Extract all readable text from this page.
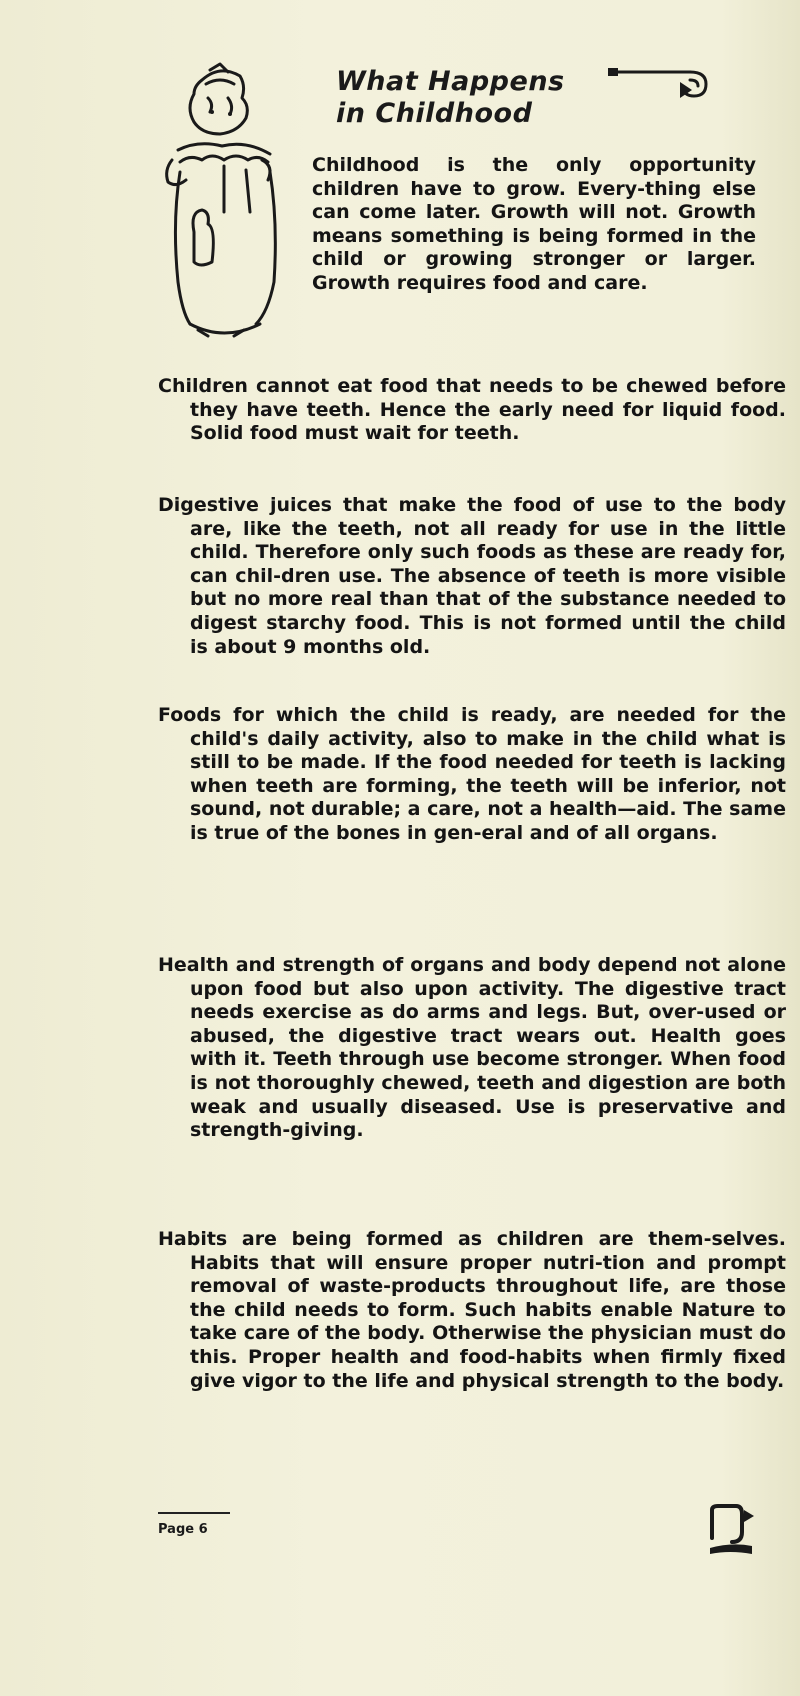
What Happens

in Childhood

Childhood is the only opportunity children have to grow. Every-thing else can come later. Growth will not. Growth means something is being formed in the child or growing stronger or larger. Growth requires food and care.

Children cannot eat food that needs to be chewed before they have teeth. Hence the early need for liquid food. Solid food must wait for teeth.

Digestive juices that make the food of use to the body are, like the teeth, not all ready for use in the little child. Therefore only such foods as these are ready for, can chil-dren use. The absence of teeth is more visible but no more real than that of the substance needed to digest starchy food. This is not formed until the child is about 9 months old.

Foods for which the child is ready, are needed for the child's daily activity, also to make in the child what is still to be made. If the food needed for teeth is lacking when teeth are forming, the teeth will be inferior, not sound, not durable; a care, not a health—aid. The same is true of the bones in gen-eral and of all organs.

Health and strength of organs and body depend not alone upon food but also upon activity. The digestive tract needs exercise as do arms and legs. But, over-used or abused, the digestive tract wears out. Health goes with it. Teeth through use become stronger. When food is not thoroughly chewed, teeth and digestion are both weak and usually diseased. Use is preservative and strength-giving.

Habits are being formed as children are them-selves. Habits that will ensure proper nutri-tion and prompt removal of waste-products throughout life, are those the child needs to form. Such habits enable Nature to take care of the body. Otherwise the physician must do this. Proper health and food-habits when firmly fixed give vigor to the life and physical strength to the body.

Page 6
